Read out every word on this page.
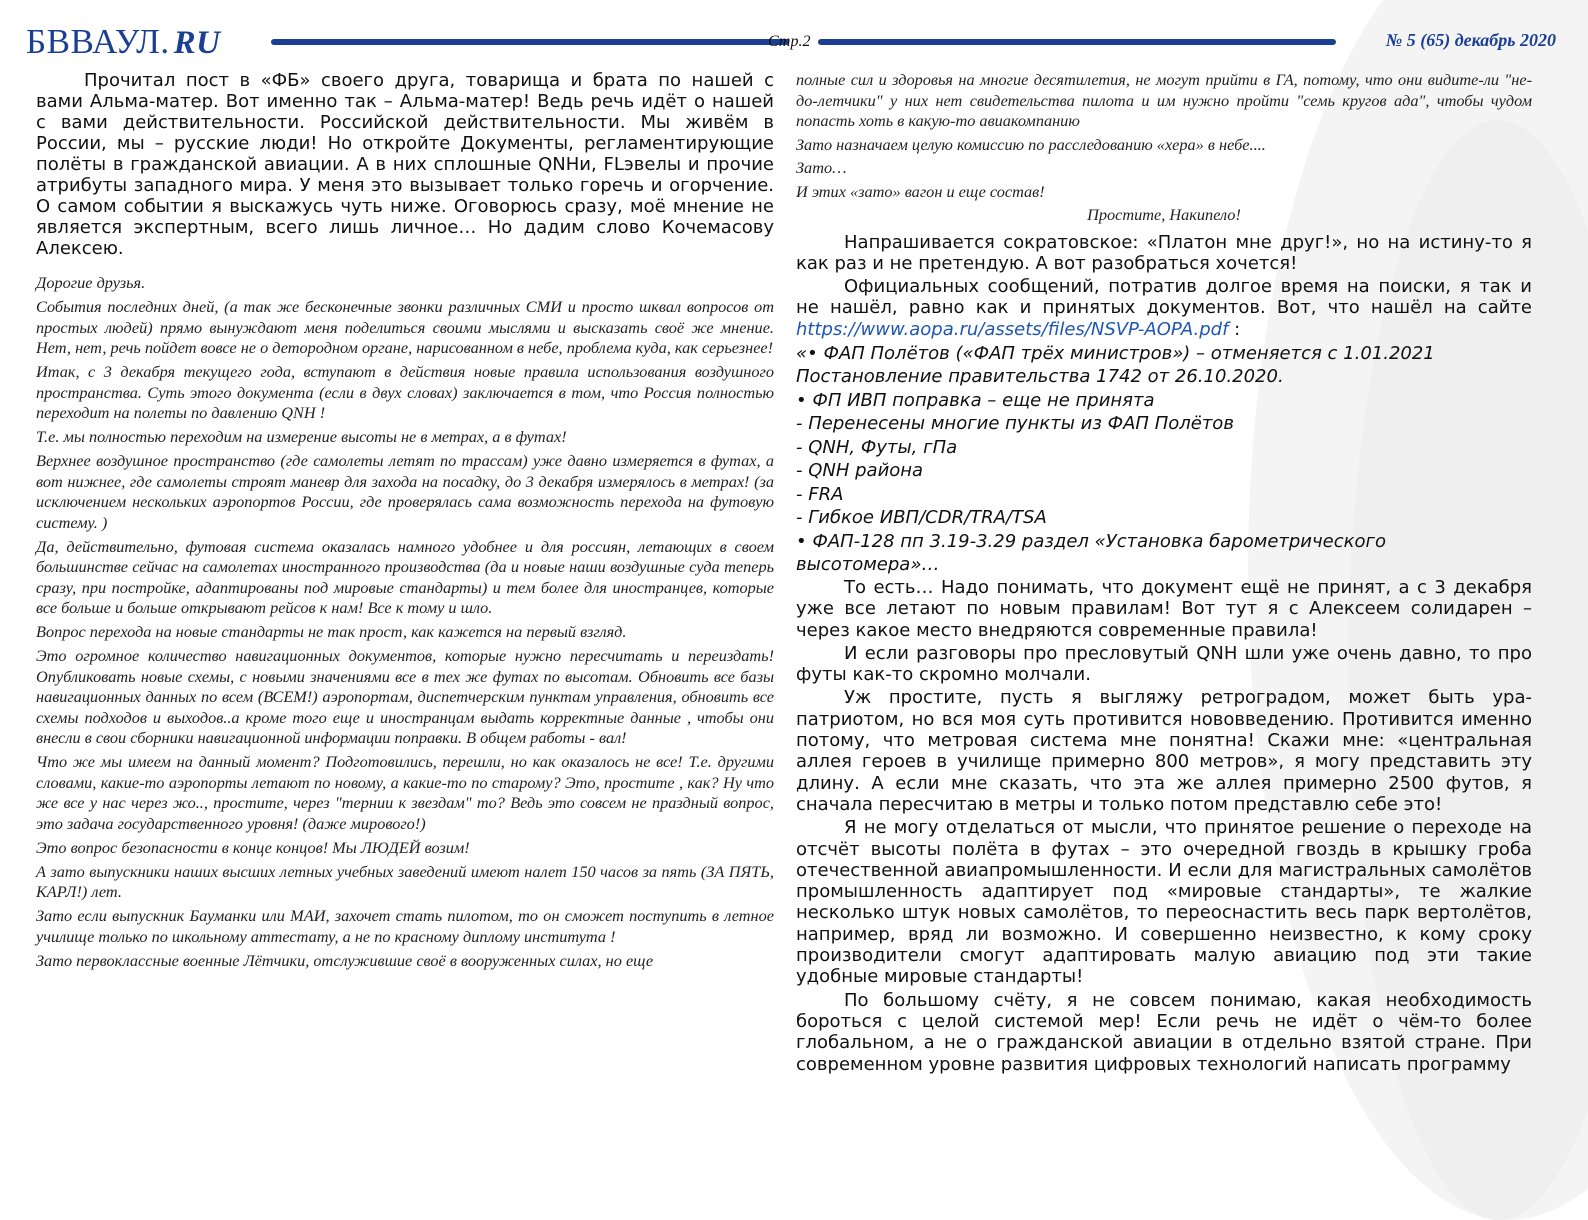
БВВАУЛ. RU	Стр.2	№ 5 (65) декабрь 2020

Прочитал пост в «ФБ» своего друга, товарища и брата по нашей с вами Альма-матер. Вот именно так – Альма-матер! Ведь речь идёт о нашей с вами действительности. Российской действительности. Мы живём в России, мы – русские люди! Но откройте Документы, регламентирующие полёты в гражданской авиации. А в них сплошные QNHи, FLэвелы и прочие атрибуты западного мира. У меня это вызывает только горечь и огорчение. О самом событии я выскажусь чуть ниже. Оговорюсь сразу, моё мнение не является экспертным, всего лишь личное… Но дадим слово Кочемасову Алексею.

Дорогие друзья.

События последних дней, (а так же бесконечные звонки различных СМИ и просто шквал вопросов от простых людей) прямо вынуждают меня поделиться своими мыслями и высказать своё же мнение. Нет, нет, речь пойдет вовсе не о детородном органе, нарисованном в небе, проблема куда, как серьезнее!

Итак, с 3 декабря текущего года, вступают в действия новые правила использования воздушного пространства. Суть этого документа (если в двух словах) заключается в том, что Россия полностью переходит на полеты по давлению QNH !

Т.е. мы полностью переходим на измерение высоты не в метрах, а в футах!

Верхнее воздушное пространство (где самолеты летят по трассам) уже давно измеряется в футах, а вот нижнее, где самолеты строят маневр для захода на посадку, до 3 декабря измерялось в метрах! (за исключением нескольких аэропортов России, где проверялась сама возможность перехода на футовую систему. )

Да, действительно, футовая система оказалась намного удобнее и для россиян, летающих в своем большинстве сейчас на самолетах иностранного производства (да и новые наши воздушные суда теперь сразу, при постройке, адаптированы под мировые стандарты) и тем более для иностранцев, которые все больше и больше открывают рейсов к нам! Все к тому и шло.

Вопрос перехода на новые стандарты не так прост, как кажется на первый взгляд.

Это огромное количество навигационных документов, которые нужно пересчитать и переиздать! Опубликовать новые схемы, с новыми значениями все в тех же футах по высотам. Обновить все базы навигационных данных по всем (ВСЕМ!) аэропортам, диспетчерским пунктам управления, обновить все схемы подходов и выходов..а кроме того еще и иностранцам выдать корректные данные , чтобы они внесли в свои сборники навигационной информации поправки. В общем работы - вал!

Что же мы имеем на данный момент? Подготовились, перешли, но как оказалось не все! Т.е. другими словами, какие-то аэропорты летают по новому, а какие-то по старому? Это, простите , как? Ну что же все у нас через жо.., простите, через "тернии к звездам" то? Ведь это совсем не праздный вопрос, это задача государственного уровня! (даже мирового!)

Это вопрос безопасности в конце концов! Мы ЛЮДЕЙ возим!

А зато выпускники наших высших летных учебных заведений имеют налет 150 часов за пять (ЗА ПЯТЬ, КАРЛ!) лет.

Зато если выпускник Бауманки или МАИ, захочет стать пилотом, то он сможет поступить в летное училище только по школьному аттестату, а не по красному диплому института !

Зато первоклассные военные Лётчики, отслужившие своё в вооруженных силах, но еще

полные сил и здоровья на многие десятилетия, не могут прийти в ГА, потому, что они видите-ли "не-до-летчики" у них нет свидетельства пилота и им нужно пройти "семь кругов ада", чтобы чудом попасть хоть в какую-то авиакомпанию

Зато назначаем целую комиссию по расследованию «хера» в небе....

Зато…

И этих «зато» вагон и еще состав!

Простите, Накипело!

Напрашивается сократовское: «Платон мне друг!», но на истину-то я как раз и не претендую. А вот разобраться хочется!

Официальных сообщений, потратив долгое время на поиски, я так и не нашёл, равно как и принятых документов. Вот, что нашёл на сайте https://www.aopa.ru/assets/files/NSVP-AOPA.pdf :

«• ФАП Полётов («ФАП трёх министров») – отменяется с 1.01.2021 Постановление правительства 1742 от 26.10.2020.

• ФП ИВП поправка – еще не принята

- Перенесены многие пункты из ФАП Полётов

- QNH, Футы, гПа

- QNH района

- FRA

- Гибкое ИВП/CDR/TRA/TSA

• ФАП-128 пп 3.19-3.29 раздел «Установка барометрического высотомера»…

То есть… Надо понимать, что документ ещё не принят, а с 3 декабря уже все летают по новым правилам! Вот тут я с Алексеем солидарен – через какое место внедряются современные правила!

И если разговоры про пресловутый QNH шли уже очень давно, то про футы как-то скромно молчали.

Уж простите, пусть я выгляжу ретроградом, может быть ура-патриотом, но вся моя суть противится нововведению. Противится именно потому, что метровая система мне понятна! Скажи мне: «центральная аллея героев в училище примерно 800 метров», я могу представить эту длину. А если мне сказать, что эта же аллея примерно 2500 футов, я сначала пересчитаю в метры и только потом представлю себе это!

Я не могу отделаться от мысли, что принятое решение о переходе на отсчёт высоты полёта в футах – это очередной гвоздь в крышку гроба отечественной авиапромышленности. И если для магистральных самолётов промышленность адаптирует под «мировые стандарты», те жалкие несколько штук новых самолётов, то переоснастить весь парк вертолётов, например, вряд ли возможно. И совершенно неизвестно, к кому сроку производители смогут адаптировать малую авиацию под эти такие удобные мировые стандарты!

По большому счёту, я не совсем понимаю, какая необходимость бороться с целой системой мер! Если речь не идёт о чём-то более глобальном, а не о гражданской авиации в отдельно взятой стране. При современном уровне развития цифровых технологий написать программу
